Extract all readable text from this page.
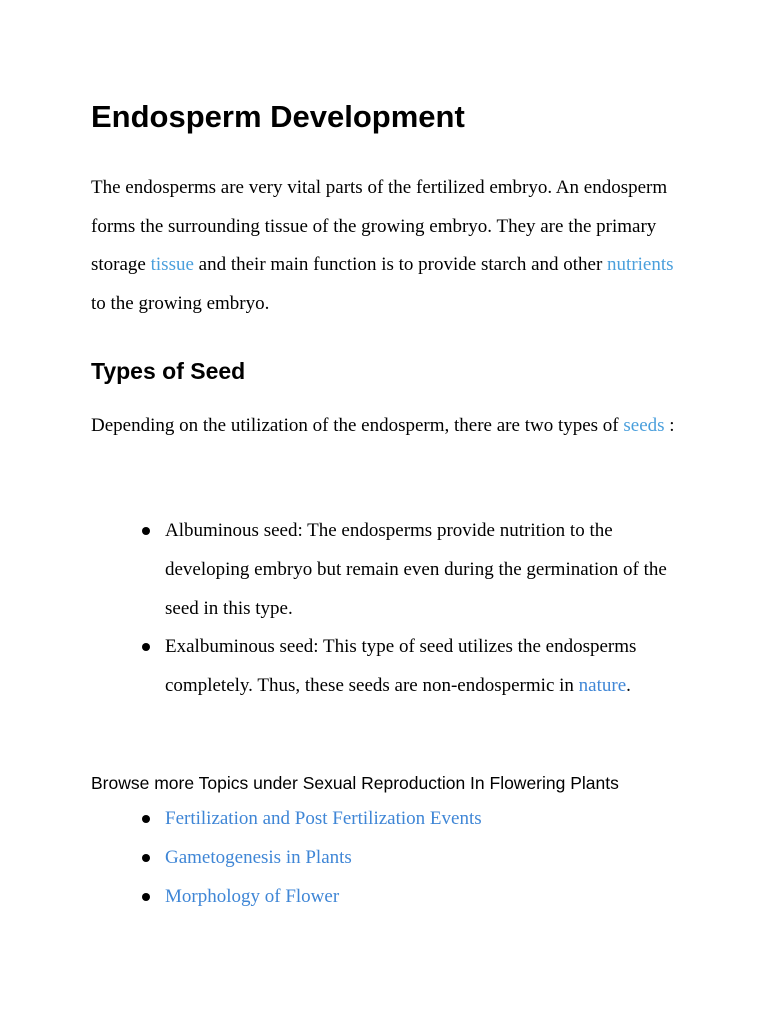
Endosperm Development

The endosperms are very vital parts of the fertilized embryo. An endosperm forms the surrounding tissue of the growing embryo. They are the primary storage tissue and their main function is to provide starch and other nutrients to the growing embryo.

Types of Seed

Depending on the utilization of the endosperm, there are two types of seeds :

Albuminous seed: The endosperms provide nutrition to the developing embryo but remain even during the germination of the seed in this type.
Exalbuminous seed: This type of seed utilizes the endosperms completely. Thus, these seeds are non-endospermic in nature.

Browse more Topics under Sexual Reproduction In Flowering Plants

Fertilization and Post Fertilization Events
Gametogenesis in Plants
Morphology of Flower
